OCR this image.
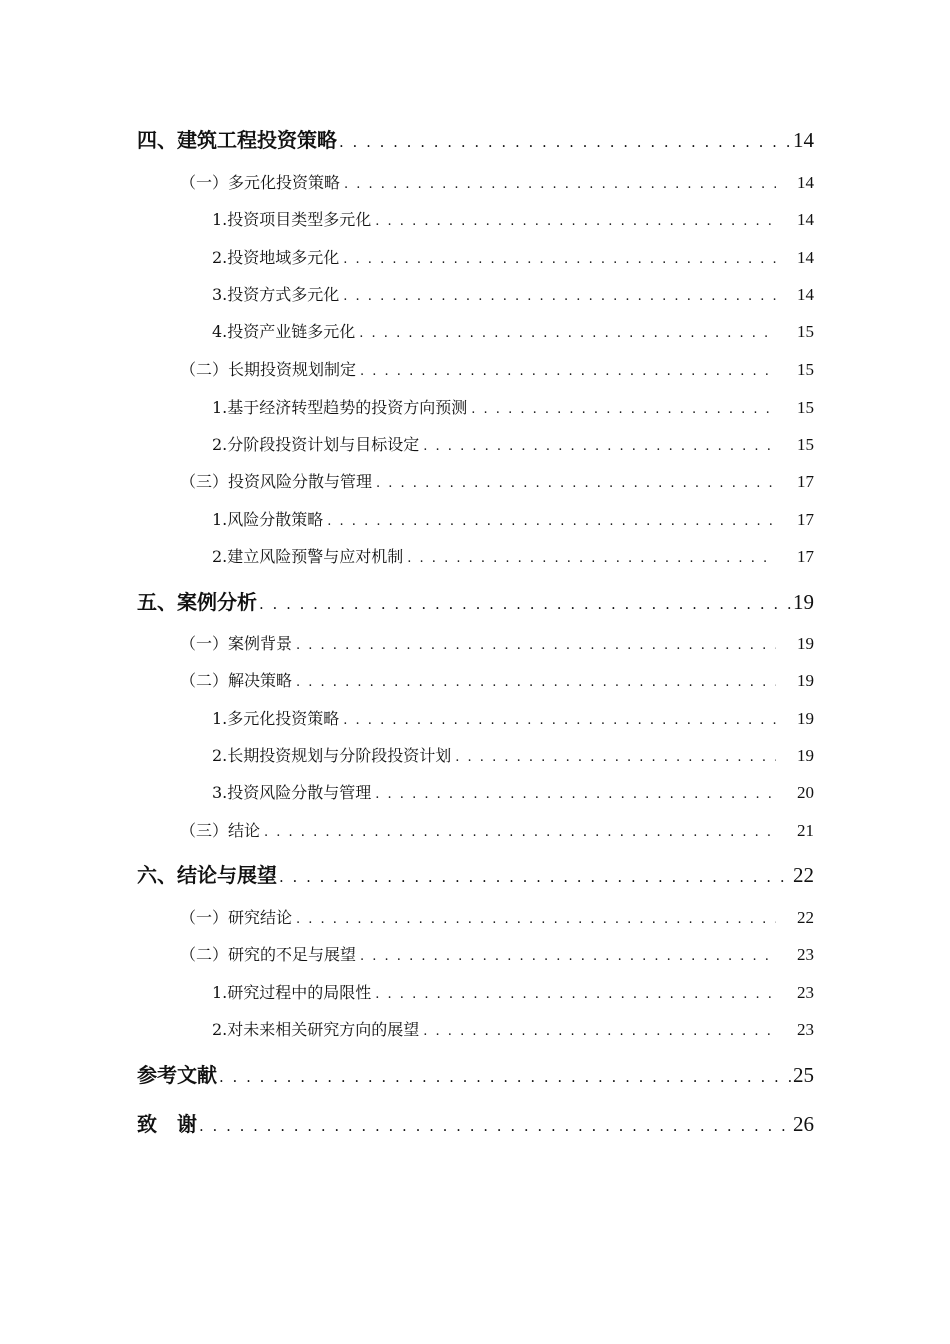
四、建筑工程投资策略 . . .	14
（一）多元化投资策略 . . .	14
1.投资项目类型多元化 . . .	14
2.投资地域多元化 . . .	14
3.投资方式多元化 . . .	14
4.投资产业链多元化 . . .	15
（二）长期投资规划制定 . . .	15
1.基于经济转型趋势的投资方向预测 . . .	15
2.分阶段投资计划与目标设定 . . .	15
（三）投资风险分散与管理 . . .	17
1.风险分散策略 . . .	17
2.建立风险预警与应对机制 . . .	17
五、案例分析 . . .	19
（一）案例背景 . . .	19
（二）解决策略 . . .	19
1.多元化投资策略 . . .	19
2.长期投资规划与分阶段投资计划 . . .	19
3.投资风险分散与管理 . . .	20
（三）结论 . . .	21
六、结论与展望 . . .	22
（一）研究结论 . . .	22
（二）研究的不足与展望 . . .	23
1.研究过程中的局限性 . . .	23
2.对未来相关研究方向的展望 . . .	23
参考文献 . . .	25
致　谢 . . .	26
